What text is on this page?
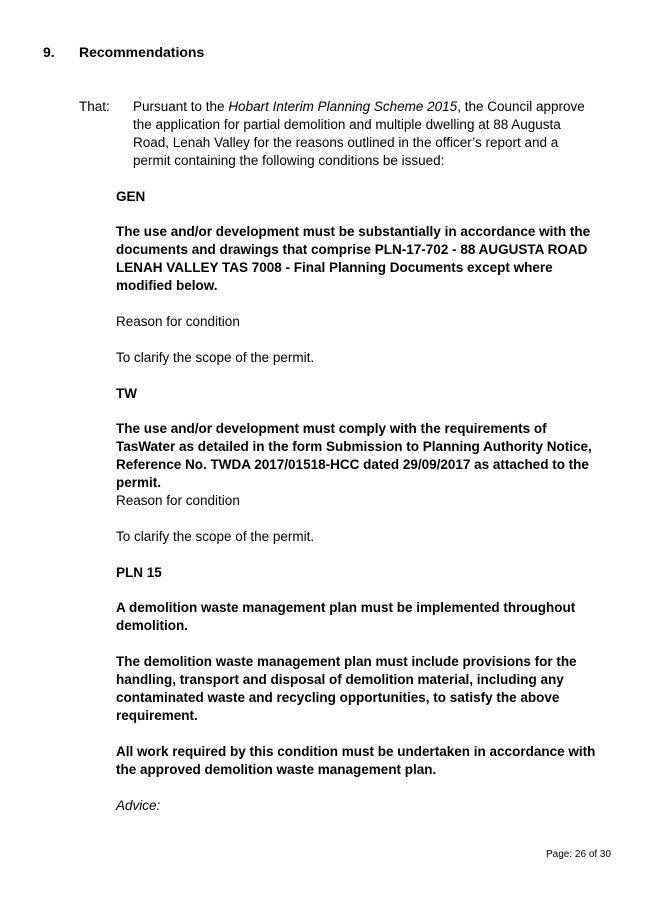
9. Recommendations
That: Pursuant to the Hobart Interim Planning Scheme 2015, the Council approve the application for partial demolition and multiple dwelling at 88 Augusta Road, Lenah Valley for the reasons outlined in the officer’s report and a permit containing the following conditions be issued:

GEN

The use and/or development must be substantially in accordance with the documents and drawings that comprise PLN-17-702 - 88 AUGUSTA ROAD LENAH VALLEY TAS 7008 - Final Planning Documents except where modified below.

Reason for condition
To clarify the scope of the permit.
TW

The use and/or development must comply with the requirements of TasWater as detailed in the form Submission to Planning Authority Notice, Reference No. TWDA 2017/01518-HCC dated 29/09/2017 as attached to the permit.

Reason for condition
To clarify the scope of the permit.
PLN 15

A demolition waste management plan must be implemented throughout demolition.

The demolition waste management plan must include provisions for the handling, transport and disposal of demolition material, including any contaminated waste and recycling opportunities, to satisfy the above requirement.

All work required by this condition must be undertaken in accordance with the approved demolition waste management plan.

Advice:
Page: 26 of 30
